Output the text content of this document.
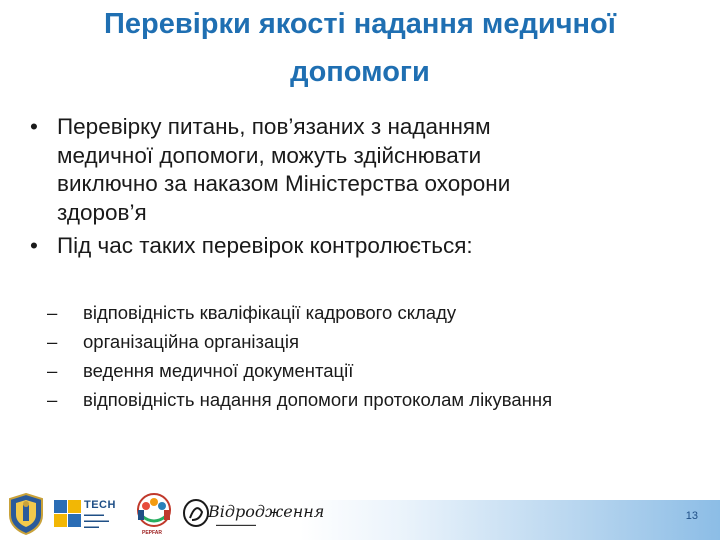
Перевірки якості надання медичної
допомоги
• Перевірку питань, пов’язаних з наданням
медичної допомоги, можуть здійснювати
виключно за наказом Міністерства охорони
здоров’я
• Під час таких перевірок контролюється:
– відповідність кваліфікації кадрового складу
– організаційна організація
– ведення медичної документації
– відповідність надання допомоги протоколам лікування
13
TECH
▬▬▬▬
▬▬▬▬▬
▬▬▬
PEPFAR
Відродження
▬▬▬▬▬▬▬▬▬▬
